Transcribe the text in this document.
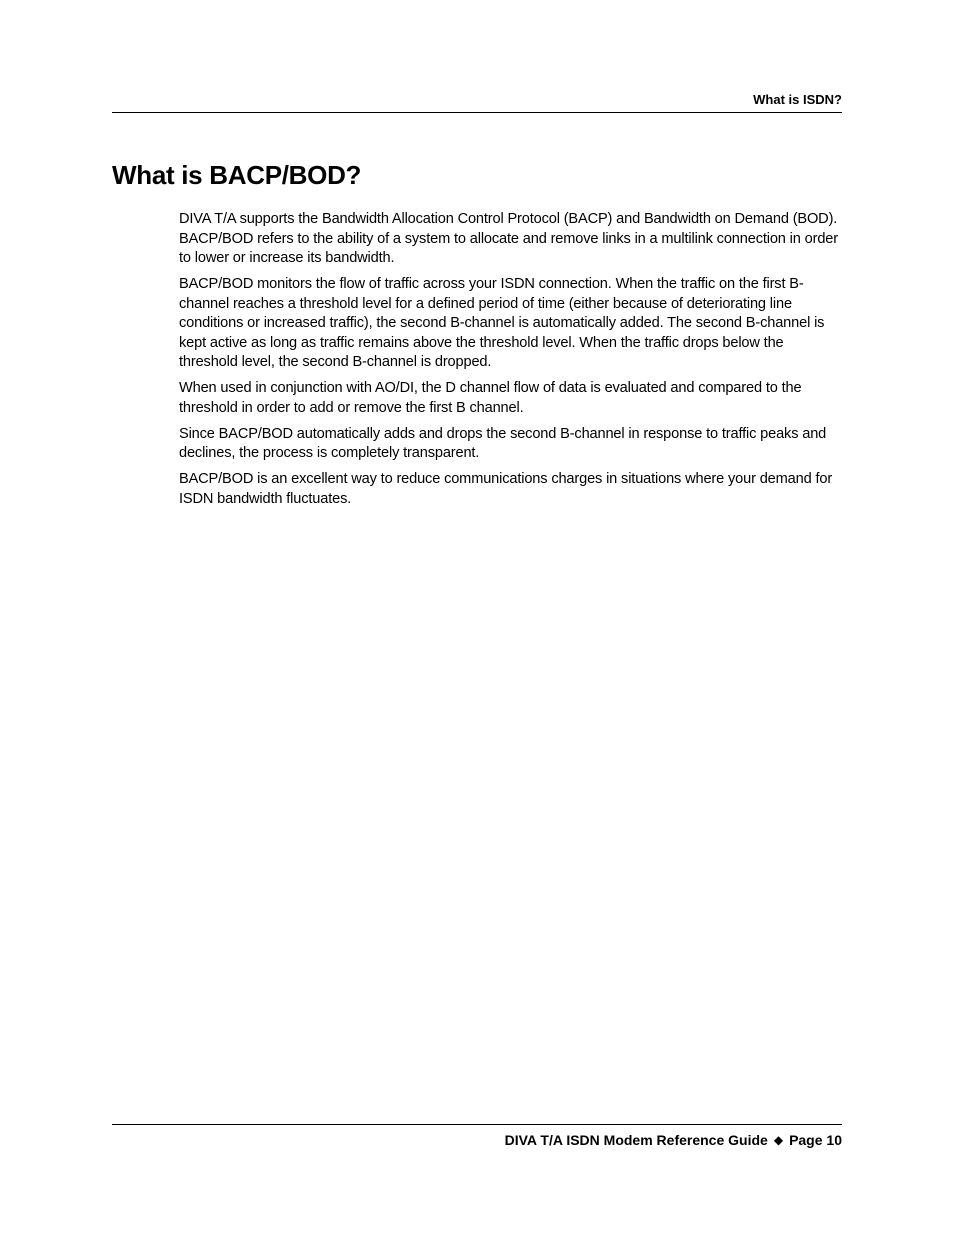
What is ISDN?
What is BACP/BOD?

DIVA T/A supports the Bandwidth Allocation Control Protocol (BACP) and Bandwidth on Demand (BOD). BACP/BOD refers to the ability of a system to allocate and remove links in a multilink connection in order to lower or increase its bandwidth.

BACP/BOD monitors the flow of traffic across your ISDN connection. When the traffic on the first B-channel reaches a threshold level for a defined period of time (either because of deteriorating line conditions or increased traffic), the second B-channel is automatically added. The second B-channel is kept active as long as traffic remains above the threshold level. When the traffic drops below the threshold level, the second B-channel is dropped.

When used in conjunction with AO/DI, the D channel flow of data is evaluated and compared to the threshold in order to add or remove the first B channel.

Since BACP/BOD automatically adds and drops the second B-channel in response to traffic peaks and declines, the process is completely transparent.

BACP/BOD is an excellent way to reduce communications charges in situations where your demand for ISDN bandwidth fluctuates.

DIVA T/A ISDN Modem Reference Guide ◆ Page 10
